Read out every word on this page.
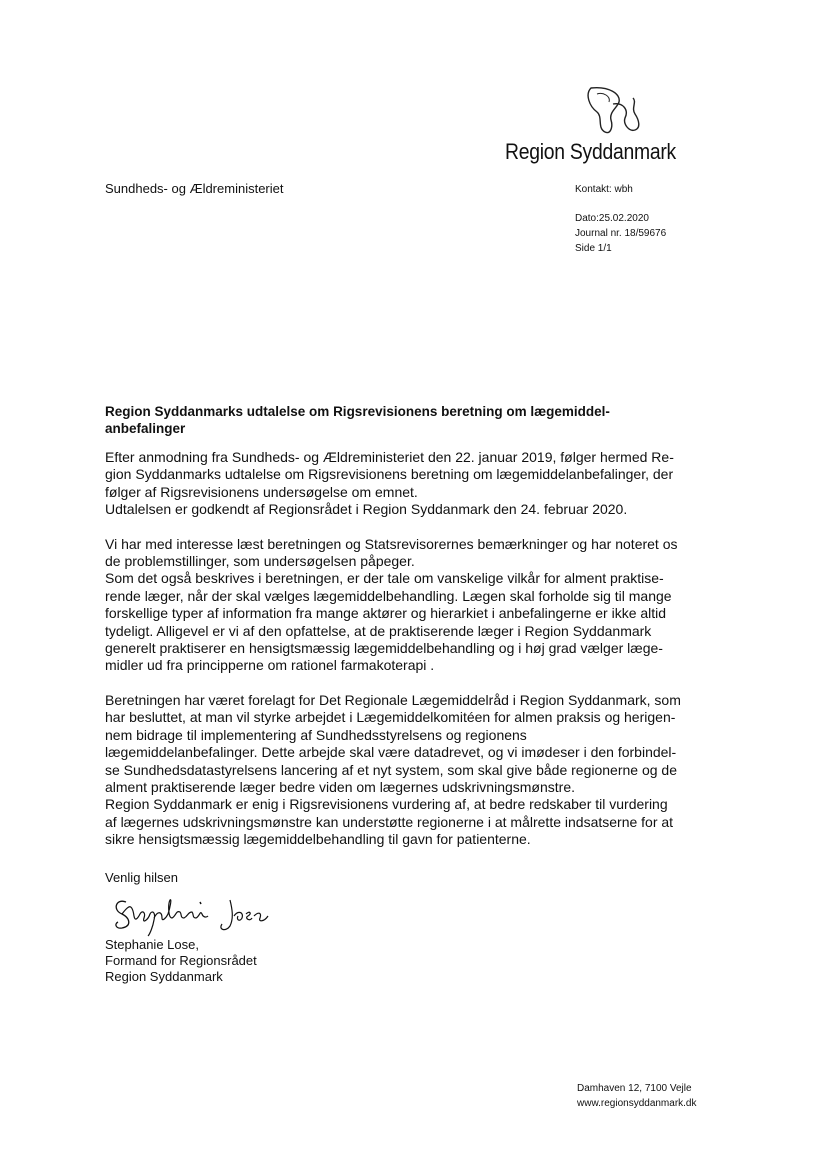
Region Syddanmark
Sundheds- og Ældreministeriet	Kontakt: wbh
Dato:25.02.2020
Journal nr. 18/59676
Side 1/1
Region Syddanmarks udtalelse om Rigsrevisionens beretning om lægemiddel-anbefalinger

Efter anmodning fra Sundheds- og Ældreministeriet den 22. januar 2019, følger hermed Re-
gion Syddanmarks udtalelse om Rigsrevisionens beretning om lægemiddelanbefalinger, der
følger af Rigsrevisionens undersøgelse om emnet.
Udtalelsen er godkendt af Regionsrådet i Region Syddanmark den 24. februar 2020.

Vi har med interesse læst beretningen og Statsrevisorernes bemærkninger og har noteret os
de problemstillinger, som undersøgelsen påpeger.
Som det også beskrives i beretningen, er der tale om vanskelige vilkår for alment praktise-
rende læger, når der skal vælges lægemiddelbehandling. Lægen skal forholde sig til mange
forskellige typer af information fra mange aktører og hierarkiet i anbefalingerne er ikke altid
tydeligt. Alligevel er vi af den opfattelse, at de praktiserende læger i Region Syddanmark
generelt praktiserer en hensigtsmæssig lægemiddelbehandling og i høj grad vælger læge-
midler ud fra principperne om rationel farmakoterapi .

Beretningen har været forelagt for Det Regionale Lægemiddelråd i Region Syddanmark, som
har besluttet, at man vil styrke arbejdet i Lægemiddelkomitéen for almen praksis og herigen-
nem bidrage til implementering af Sundhedsstyrelsens og regionens
lægemiddelanbefalinger. Dette arbejde skal være datadrevet, og vi imødeser i den forbindel-
se Sundhedsdatastyrelsens lancering af et nyt system, som skal give både regionerne og de
alment praktiserende læger bedre viden om lægernes udskrivningsmønstre.
Region Syddanmark er enig i Rigsrevisionens vurdering af, at bedre redskaber til vurdering
af lægernes udskrivningsmønstre kan understøtte regionerne i at målrette indsatserne for at
sikre hensigtsmæssig lægemiddelbehandling til gavn for patienterne.

Venlig hilsen
Stephanie Lose,
Formand for Regionsrådet
Region Syddanmark
Damhaven 12, 7100 Vejle
www.regionsyddanmark.dk
